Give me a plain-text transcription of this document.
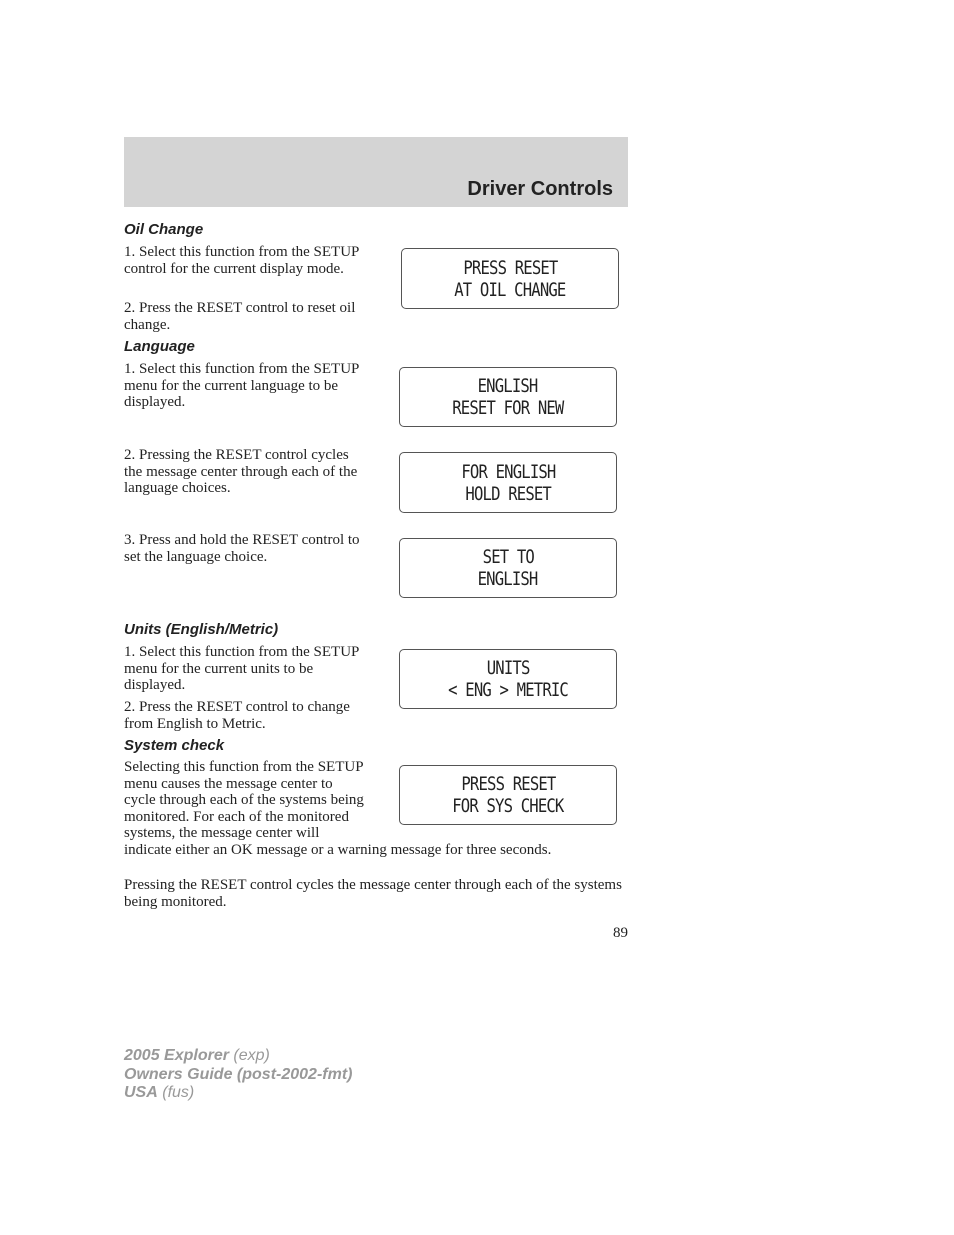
Driver Controls
Oil Change
1. Select this function from the SETUP control for the current display mode.
2. Press the RESET control to reset oil change.
PRESS RESET
AT OIL CHANGE
Language
1. Select this function from the SETUP menu for the current language to be displayed.
ENGLISH
RESET FOR NEW
2. Pressing the RESET control cycles the message center through each of the language choices.
FOR ENGLISH
HOLD RESET
3. Press and hold the RESET control to set the language choice.	SET TO
ENGLISH
Units (English/Metric)
1. Select this function from the SETUP menu for the current units to be displayed.
2. Press the RESET control to change from English to Metric.
UNITS
< ENG > METRIC
System check
PRESS RESET
FOR SYS CHECK
Selecting this function from the SETUP menu causes the message center to cycle through each of the systems being monitored. For each of the monitored systems, the message center will indicate either an OK message or a warning message for three seconds.
Pressing the RESET control cycles the message center through each of the systems being monitored.
89
2005 Explorer (exp)
Owners Guide (post-2002-fmt)
USA (fus)
